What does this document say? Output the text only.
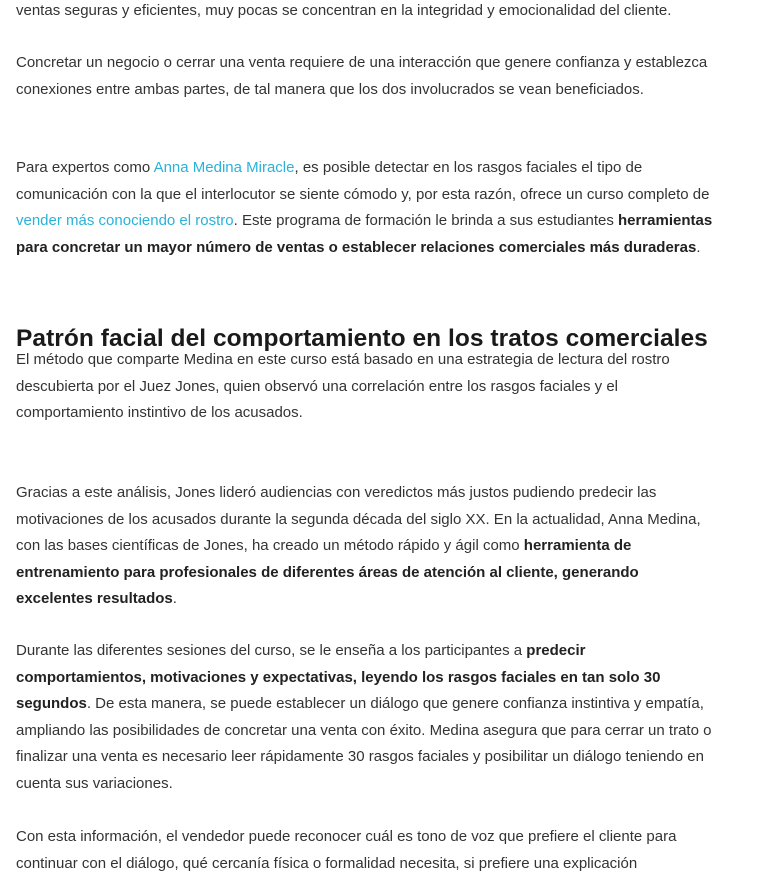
ventas seguras y eficientes, muy pocas se concentran en la integridad y emocionalidad del cliente.

Concretar un negocio o cerrar una venta requiere de una interacción que genere confianza y establezca conexiones entre ambas partes, de tal manera que los dos involucrados se vean beneficiados.

Para expertos como Anna Medina Miracle, es posible detectar en los rasgos faciales el tipo de comunicación con la que el interlocutor se siente cómodo y, por esta razón, ofrece un curso completo de vender más conociendo el rostro. Este programa de formación le brinda a sus estudiantes herramientas para concretar un mayor número de ventas o establecer relaciones comerciales más duraderas.

Patrón facial del comportamiento en los tratos comerciales

El método que comparte Medina en este curso está basado en una estrategia de lectura del rostro descubierta por el Juez Jones, quien observó una correlación entre los rasgos faciales y el comportamiento instintivo de los acusados.

Gracias a este análisis, Jones lideró audiencias con veredictos más justos pudiendo predecir las motivaciones de los acusados durante la segunda década del siglo XX. En la actualidad, Anna Medina, con las bases científicas de Jones, ha creado un método rápido y ágil como herramienta de entrenamiento para profesionales de diferentes áreas de atención al cliente, generando excelentes resultados.

Durante las diferentes sesiones del curso, se le enseña a los participantes a predecir comportamientos, motivaciones y expectativas, leyendo los rasgos faciales en tan solo 30 segundos. De esta manera, se puede establecer un diálogo que genere confianza instintiva y empatía, ampliando las posibilidades de concretar una venta con éxito. Medina asegura que para cerrar un trato o finalizar una venta es necesario leer rápidamente 30 rasgos faciales y posibilitar un diálogo teniendo en cuenta sus variaciones.

Con esta información, el vendedor puede reconocer cuál es tono de voz que prefiere el cliente para continuar con el diálogo, qué cercanía física o formalidad necesita, si prefiere una explicación
